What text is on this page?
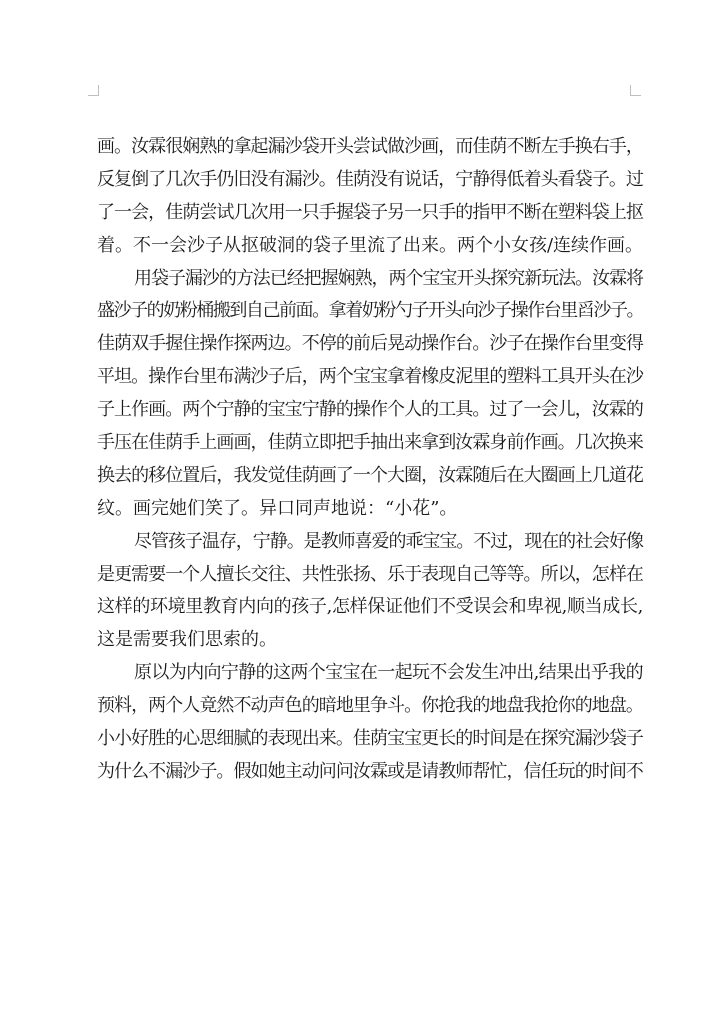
画。汝霖很娴熟的拿起漏沙袋开头尝试做沙画，而佳荫不断左手换右手，
反复倒了几次手仍旧没有漏沙。佳荫没有说话，宁静得低着头看袋子。过
了一会，佳荫尝试几次用一只手握袋子另一只手的指甲不断在塑料袋上抠
着。不一会沙子从抠破洞的袋子里流了出来。两个小女孩/连续作画。
用袋子漏沙的方法已经把握娴熟，两个宝宝开头探究新玩法。汝霖将
盛沙子的奶粉桶搬到自己前面。拿着奶粉勺子开头向沙子操作台里舀沙子。
佳荫双手握住操作探两边。不停的前后晃动操作台。沙子在操作台里变得
平坦。操作台里布满沙子后，两个宝宝拿着橡皮泥里的塑料工具开头在沙
子上作画。两个宁静的宝宝宁静的操作个人的工具。过了一会儿，汝霖的
手压在佳荫手上画画，佳荫立即把手抽出来拿到汝霖身前作画。几次换来
换去的移位置后，我发觉佳荫画了一个大圈，汝霖随后在大圈画上几道花
纹。画完她们笑了。异口同声地说：“小花”。
尽管孩子温存，宁静。是教师喜爱的乖宝宝。不过，现在的社会好像
是更需要一个人擅长交往、共性张扬、乐于表现自己等等。所以，怎样在
这样的环境里教育内向的孩子,怎样保证他们不受误会和卑视,顺当成长,
这是需要我们思索的。
原以为内向宁静的这两个宝宝在一起玩不会发生冲出,结果出乎我的
预料，两个人竟然不动声色的暗地里争斗。你抢我的地盘我抢你的地盘。
小小好胜的心思细腻的表现出来。佳荫宝宝更长的时间是在探究漏沙袋子
为什么不漏沙子。假如她主动问问汝霖或是请教师帮忙，信任玩的时间不
